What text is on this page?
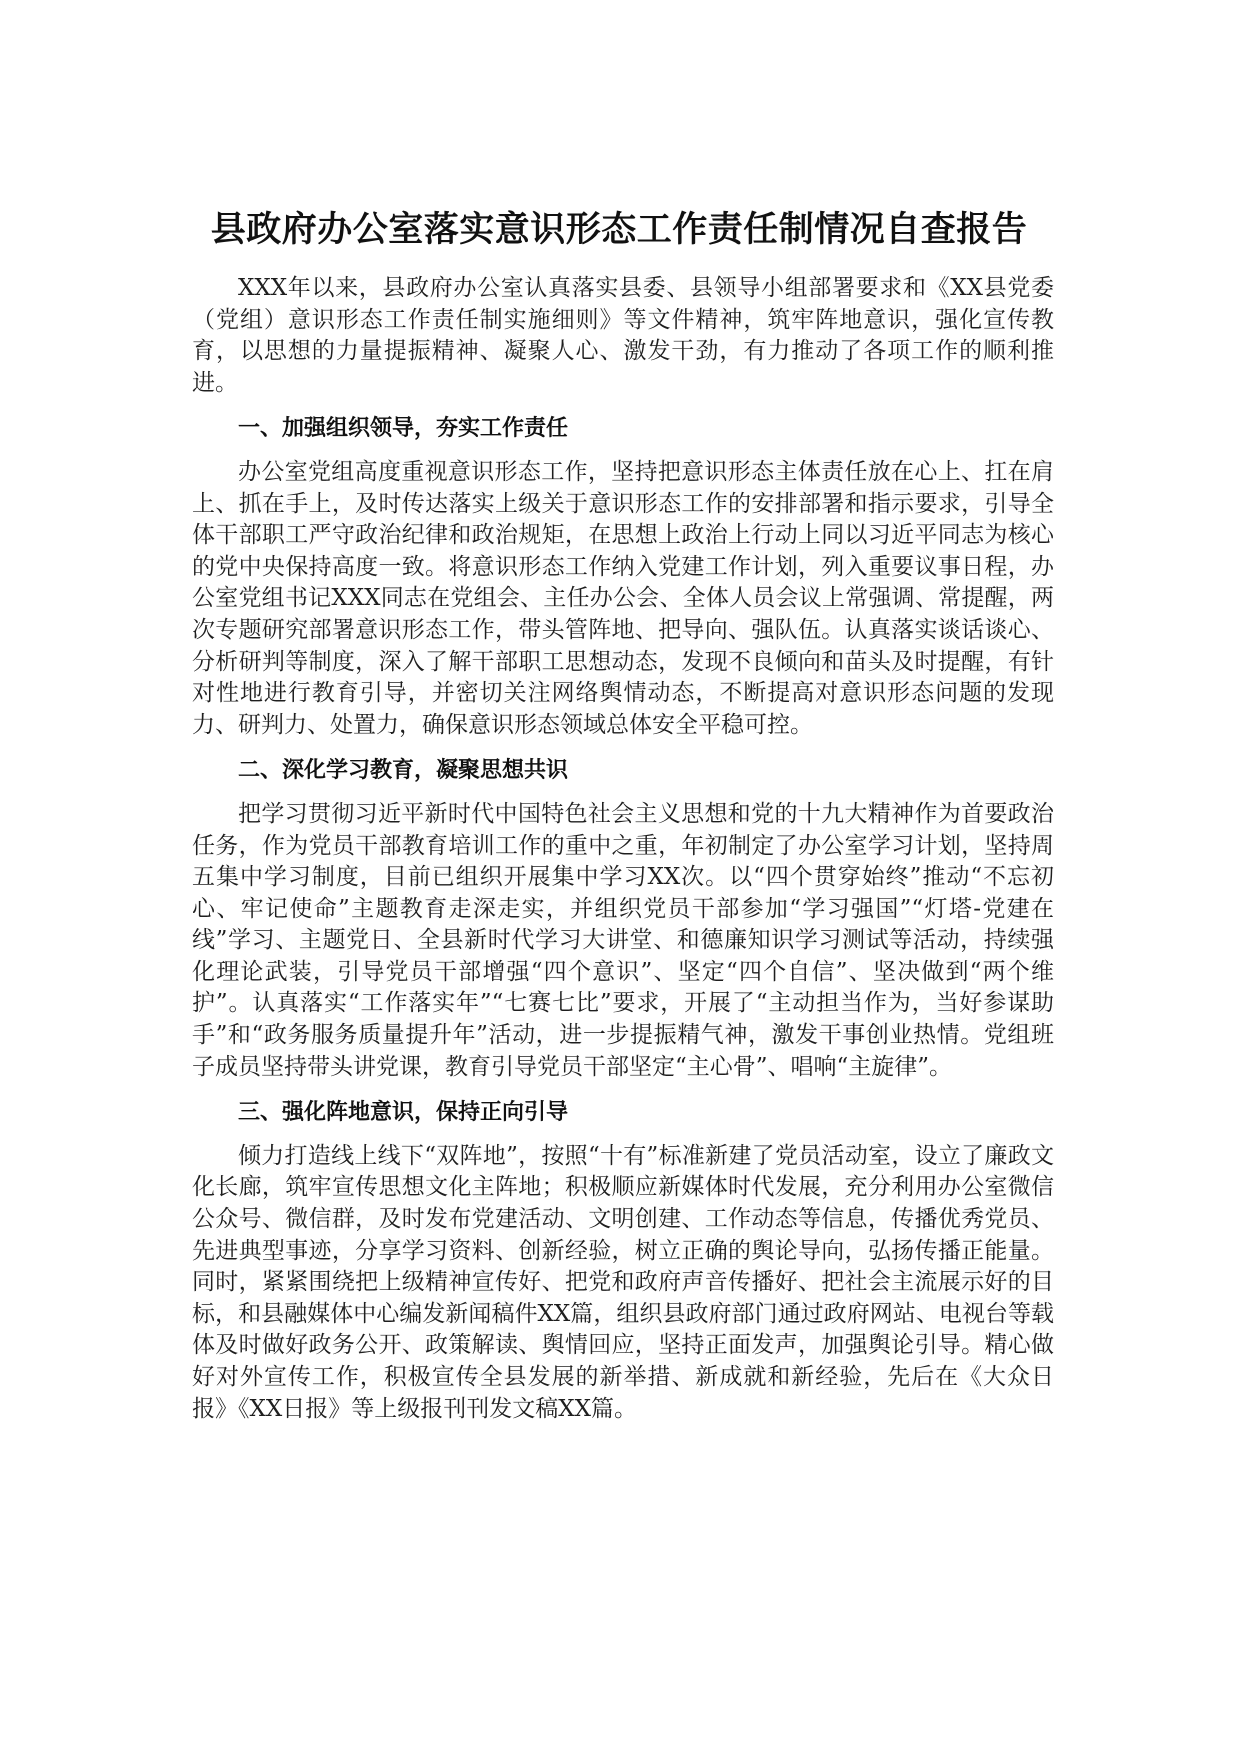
县政府办公室落实意识形态工作责任制情况自查报告

XXX年以来，县政府办公室认真落实县委、县领导小组部署要求和《XX县党委（党组）意识形态工作责任制实施细则》等文件精神，筑牢阵地意识，强化宣传教育，以思想的力量提振精神、凝聚人心、激发干劲，有力推动了各项工作的顺利推进。

一、加强组织领导，夯实工作责任

办公室党组高度重视意识形态工作，坚持把意识形态主体责任放在心上、扛在肩上、抓在手上，及时传达落实上级关于意识形态工作的安排部署和指示要求，引导全体干部职工严守政治纪律和政治规矩，在思想上政治上行动上同以习近平同志为核心的党中央保持高度一致。将意识形态工作纳入党建工作计划，列入重要议事日程，办公室党组书记XXX同志在党组会、主任办公会、全体人员会议上常强调、常提醒，两次专题研究部署意识形态工作，带头管阵地、把导向、强队伍。认真落实谈话谈心、分析研判等制度，深入了解干部职工思想动态，发现不良倾向和苗头及时提醒，有针对性地进行教育引导，并密切关注网络舆情动态，不断提高对意识形态问题的发现力、研判力、处置力，确保意识形态领域总体安全平稳可控。

二、深化学习教育，凝聚思想共识

把学习贯彻习近平新时代中国特色社会主义思想和党的十九大精神作为首要政治任务，作为党员干部教育培训工作的重中之重，年初制定了办公室学习计划，坚持周五集中学习制度，目前已组织开展集中学习XX次。以“四个贯穿始终”推动“不忘初心、牢记使命”主题教育走深走实，并组织党员干部参加“学习强国”“灯塔-党建在线”学习、主题党日、全县新时代学习大讲堂、和德廉知识学习测试等活动，持续强化理论武装，引导党员干部增强“四个意识”、坚定“四个自信”、坚决做到“两个维护”。认真落实“工作落实年”“七赛七比”要求，开展了“主动担当作为，当好参谋助手”和“政务服务质量提升年”活动，进一步提振精气神，激发干事创业热情。党组班子成员坚持带头讲党课，教育引导党员干部坚定“主心骨”、唱响“主旋律”。

三、强化阵地意识，保持正向引导

倾力打造线上线下“双阵地”，按照“十有”标准新建了党员活动室，设立了廉政文化长廊，筑牢宣传思想文化主阵地；积极顺应新媒体时代发展，充分利用办公室微信公众号、微信群，及时发布党建活动、文明创建、工作动态等信息，传播优秀党员、先进典型事迹，分享学习资料、创新经验，树立正确的舆论导向，弘扬传播正能量。同时，紧紧围绕把上级精神宣传好、把党和政府声音传播好、把社会主流展示好的目标，和县融媒体中心编发新闻稿件XX篇，组织县政府部门通过政府网站、电视台等载体及时做好政务公开、政策解读、舆情回应，坚持正面发声，加强舆论引导。精心做好对外宣传工作，积极宣传全县发展的新举措、新成就和新经验，先后在《大众日报》《XX日报》等上级报刊刊发文稿XX篇。
